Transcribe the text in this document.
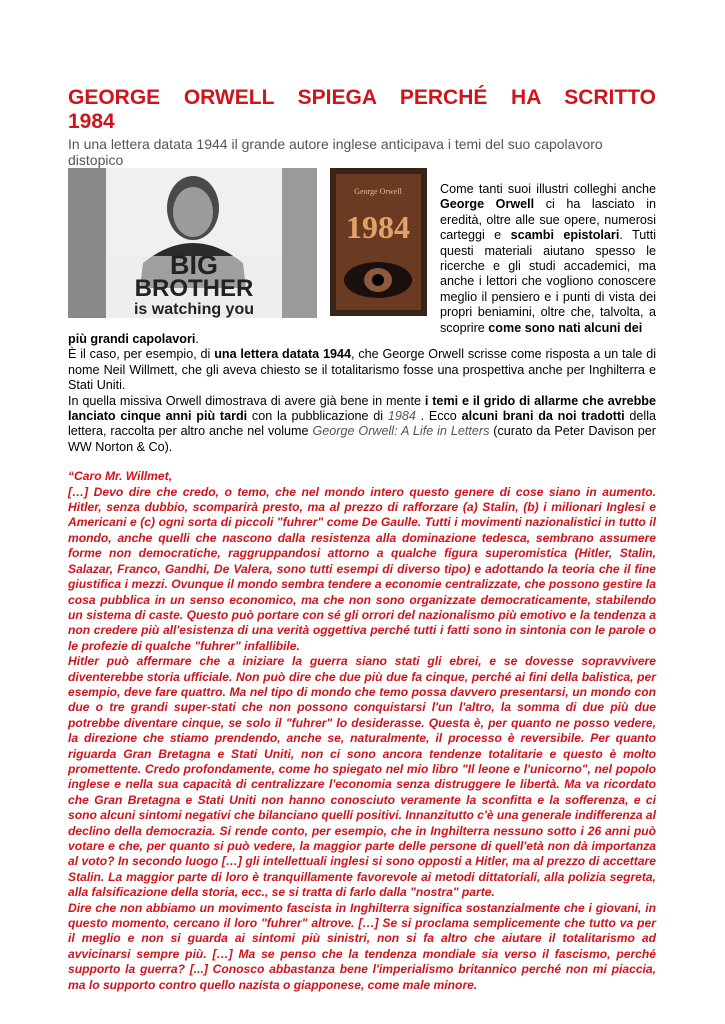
GEORGE ORWELL SPIEGA PERCHÉ HA SCRITTO 1984
In una lettera datata 1944 il grande autore inglese anticipava i temi del suo capolavoro distopico
BIG
BROTHER
is watching you
George Orwell
1984
Come tanti suoi illustri colleghi anche George Orwell ci ha lasciato in eredità, oltre alle sue opere, numerosi carteggi e scambi epistolari. Tutti questi materiali aiutano spesso le ricerche e gli studi accademici, ma anche i lettori che vogliono conoscere meglio il pensiero e i punti di vista dei propri beniamini, oltre che, talvolta, a scoprire come sono nati alcuni dei

più grandi capolavori.

È il caso, per esempio, di una lettera datata 1944, che George Orwell scrisse come risposta a un tale di nome Neil Willmett, che gli aveva chiesto se il totalitarismo fosse una prospettiva anche per Inghilterra e Stati Uniti.

In quella missiva Orwell dimostrava di avere già bene in mente i temi e il grido di allarme che avrebbe lanciato cinque anni più tardi con la pubblicazione di 1984 . Ecco alcuni brani da noi tradotti della lettera, raccolta per altro anche nel volume George Orwell: A Life in Letters (curato da Peter Davison per WW Norton & Co).

“Caro Mr. Willmet,

[…] Devo dire che credo, o temo, che nel mondo intero questo genere di cose siano in aumento. Hitler, senza dubbio, scomparirà presto, ma al prezzo di rafforzare (a) Stalin, (b) i milionari Inglesi e Americani e (c) ogni sorta di piccoli "fuhrer" come De Gaulle. Tutti i movimenti nazionalistici in tutto il mondo, anche quelli che nascono dalla resistenza alla dominazione tedesca, sembrano assumere forme non democratiche, raggruppandosi attorno a qualche figura superomistica (Hitler, Stalin, Salazar, Franco, Gandhi, De Valera, sono tutti esempi di diverso tipo) e adottando la teoria che il fine giustifica i mezzi. Ovunque il mondo sembra tendere a economie centralizzate, che possono gestire la cosa pubblica in un senso economico, ma che non sono organizzate democraticamente, stabilendo un sistema di caste. Questo può portare con sé gli orrori del nazionalismo più emotivo e la tendenza a non credere più all'esistenza di una verità oggettiva perché tutti i fatti sono in sintonia con le parole o le profezie di qualche "fuhrer" infallibile.

Hitler può affermare che a iniziare la guerra siano stati gli ebrei, e se dovesse sopravvivere diventerebbe storia ufficiale. Non può dire che due più due fa cinque, perché ai fini della balistica, per esempio, deve fare quattro. Ma nel tipo di mondo che temo possa davvero presentarsi, un mondo con due o tre grandi super-stati che non possono conquistarsi l'un l'altro, la somma di due più due potrebbe diventare cinque, se solo il "fuhrer" lo desiderasse. Questa è, per quanto ne posso vedere, la direzione che stiamo prendendo, anche se, naturalmente, il processo è reversibile. Per quanto riguarda Gran Bretagna e Stati Uniti, non ci sono ancora tendenze totalitarie e questo è molto promettente. Credo profondamente, come ho spiegato nel mio libro "Il leone e l'unicorno", nel popolo inglese e nella sua capacità di centralizzare l'economia senza distruggere le libertà. Ma va ricordato che Gran Bretagna e Stati Uniti non hanno conosciuto veramente la sconfitta e la sofferenza, e ci sono alcuni sintomi negativi che bilanciano quelli positivi. Innanzitutto c'è una generale indifferenza al declino della democrazia. Si rende conto, per esempio, che in Inghilterra nessuno sotto i 26 anni può votare e che, per quanto si può vedere, la maggior parte delle persone di quell'età non dà importanza al voto? In secondo luogo […] gli intellettuali inglesi si sono opposti a Hitler, ma al prezzo di accettare Stalin. La maggior parte di loro è tranquillamente favorevole ai metodi dittatoriali, alla polizia segreta, alla falsificazione della storia, ecc., se si tratta di farlo dalla "nostra" parte.

Dire che non abbiamo un movimento fascista in Inghilterra significa sostanzialmente che i giovani, in questo momento, cercano il loro "fuhrer" altrove. […] Se si proclama semplicemente che tutto va per il meglio e non si guarda ai sintomi più sinistri, non si fa altro che aiutare il totalitarismo ad avvicinarsi sempre più. […] Ma se penso che la tendenza mondiale sia verso il fascismo, perché supporto la guerra? [...] Conosco abbastanza bene l'imperialismo britannico perché non mi piaccia, ma lo supporto contro quello nazista o giapponese, come male minore.
